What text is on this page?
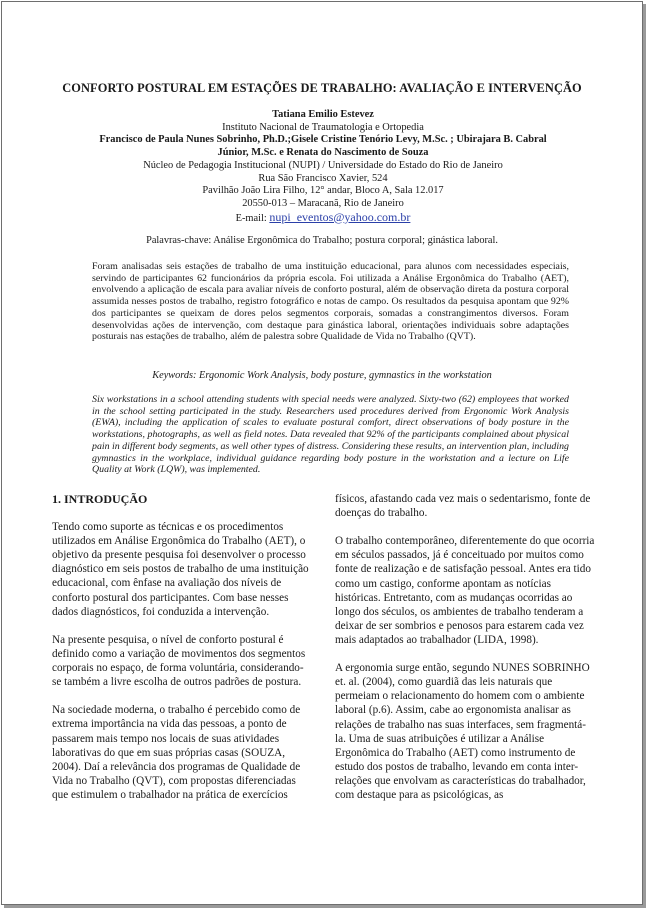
CONFORTO POSTURAL EM ESTAÇÕES DE TRABALHO: AVALIAÇÃO E INTERVENÇÃO
Tatiana Emilio Estevez
Instituto Nacional de Traumatologia e Ortopedia
Francisco de Paula Nunes Sobrinho, Ph.D.;Gisele Cristine Tenório Levy, M.Sc. ; Ubirajara B. Cabral
Júnior, M.Sc. e Renata do Nascimento de Souza
Núcleo de Pedagogia Institucional (NUPI) / Universidade do Estado do Rio de Janeiro
Rua São Francisco Xavier, 524
Pavilhão João Lira Filho, 12° andar, Bloco A, Sala 12.017
20550-013 – Maracanã, Rio de Janeiro
E-mail: nupi_eventos@yahoo.com.br
Palavras-chave: Análise Ergonômica do Trabalho; postura corporal; ginástica laboral.
Foram analisadas seis estações de trabalho de uma instituição educacional, para alunos com necessidades especiais, servindo de participantes 62 funcionários da própria escola. Foi utilizada a Análise Ergonômica do Trabalho (AET), envolvendo a aplicação de escala para avaliar níveis de conforto postural, além de observação direta da postura corporal assumida nesses postos de trabalho, registro fotográfico e notas de campo. Os resultados da pesquisa apontam que 92% dos participantes se queixam de dores pelos segmentos corporais, somadas a constrangimentos diversos. Foram desenvolvidas ações de intervenção, com destaque para ginástica laboral, orientações individuais sobre adaptações posturais nas estações de trabalho, além de palestra sobre Qualidade de Vida no Trabalho (QVT).
Keywords: Ergonomic Work Analysis, body posture, gymnastics in the workstation
Six workstations in a school attending students with special needs were analyzed. Sixty-two (62) employees that worked in the school setting participated in the study. Researchers used procedures derived from Ergonomic Work Analysis (EWA), including the application of scales to evaluate postural comfort, direct observations of body posture in the workstations, photographs, as well as field notes. Data revealed that 92% of the participants complained about physical pain in different body segments, as well other types of distress. Considering these results, an intervention plan, including gymnastics in the workplace, individual guidance regarding body posture in the workstation and a lecture on Life Quality at Work (LQW), was implemented.
1. INTRODUÇÃO

Tendo como suporte as técnicas e os procedimentos utilizados em Análise Ergonômica do Trabalho (AET), o objetivo da presente pesquisa foi desenvolver o processo diagnóstico em seis postos de trabalho de uma instituição educacional, com ênfase na avaliação dos níveis de conforto postural dos participantes. Com base nesses dados diagnósticos, foi conduzida a intervenção.

Na presente pesquisa, o nível de conforto postural é definido como a variação de movimentos dos segmentos corporais no espaço, de forma voluntária, considerando-se também a livre escolha de outros padrões de postura.

Na sociedade moderna, o trabalho é percebido como de extrema importância na vida das pessoas, a ponto de passarem mais tempo nos locais de suas atividades laborativas do que em suas próprias casas (SOUZA, 2004). Daí a relevância dos programas de Qualidade de Vida no Trabalho (QVT), com propostas diferenciadas que estimulem o trabalhador na prática de exercícios

físicos, afastando cada vez mais o sedentarismo, fonte de doenças do trabalho.

O trabalho contemporâneo, diferentemente do que ocorria em séculos passados, já é conceituado por muitos como fonte de realização e de satisfação pessoal. Antes era tido como um castigo, conforme apontam as notícias históricas. Entretanto, com as mudanças ocorridas ao longo dos séculos, os ambientes de trabalho tenderam a deixar de ser sombrios e penosos para estarem cada vez mais adaptados ao trabalhador (LIDA, 1998).

A ergonomia surge então, segundo NUNES SOBRINHO et. al. (2004), como guardiã das leis naturais que permeiam o relacionamento do homem com o ambiente laboral (p.6). Assim, cabe ao ergonomista analisar as relações de trabalho nas suas interfaces, sem fragmentá-la. Uma de suas atribuições é utilizar a Análise Ergonômica do Trabalho (AET) como instrumento de estudo dos postos de trabalho, levando em conta inter-relações que envolvam as características do trabalhador, com destaque para as psicológicas, as
